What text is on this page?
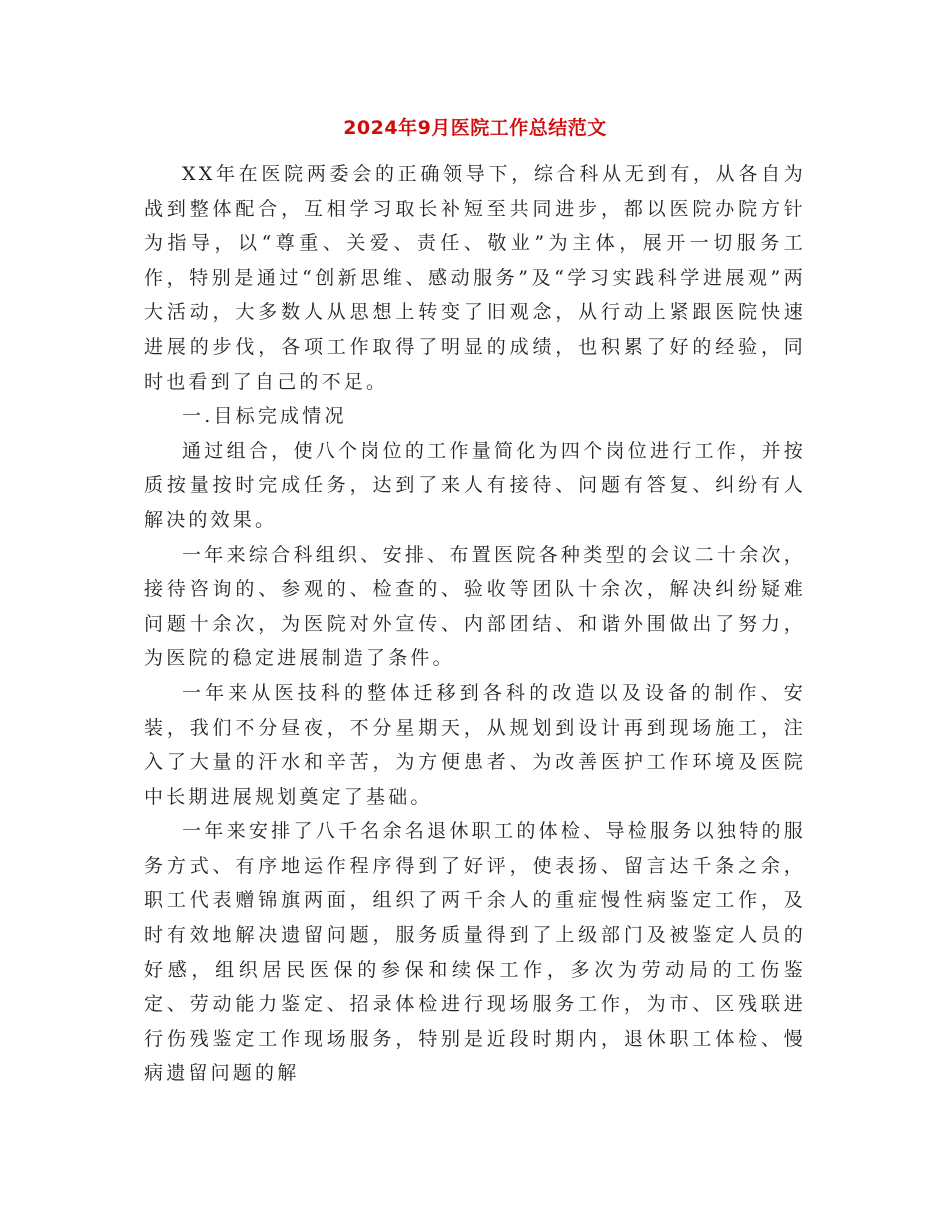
2024年9月医院工作总结范文

XX年在医院两委会的正确领导下，综合科从无到有，从各自为战到整体配合，互相学习取长补短至共同进步，都以医院办院方针为指导，以“尊重、关爱、责任、敬业”为主体，展开一切服务工作，特别是通过“创新思维、感动服务”及“学习实践科学进展观”两大活动，大多数人从思想上转变了旧观念，从行动上紧跟医院快速进展的步伐，各项工作取得了明显的成绩，也积累了好的经验，同时也看到了自己的不足。

一.目标完成情况

通过组合，使八个岗位的工作量简化为四个岗位进行工作，并按质按量按时完成任务，达到了来人有接待、问题有答复、纠纷有人解决的效果。

一年来综合科组织、安排、布置医院各种类型的会议二十余次，接待咨询的、参观的、检查的、验收等团队十余次，解决纠纷疑难问题十余次，为医院对外宣传、内部团结、和谐外围做出了努力，为医院的稳定进展制造了条件。

一年来从医技科的整体迁移到各科的改造以及设备的制作、安装，我们不分昼夜，不分星期天，从规划到设计再到现场施工，注入了大量的汗水和辛苦，为方便患者、为改善医护工作环境及医院中长期进展规划奠定了基础。

一年来安排了八千名余名退休职工的体检、导检服务以独特的服务方式、有序地运作程序得到了好评，使表扬、留言达千条之余，职工代表赠锦旗两面，组织了两千余人的重症慢性病鉴定工作，及时有效地解决遗留问题，服务质量得到了上级部门及被鉴定人员的好感，组织居民医保的参保和续保工作，多次为劳动局的工伤鉴定、劳动能力鉴定、招录体检进行现场服务工作，为市、区残联进行伤残鉴定工作现场服务，特别是近段时期内，退休职工体检、慢病遗留问题的解
